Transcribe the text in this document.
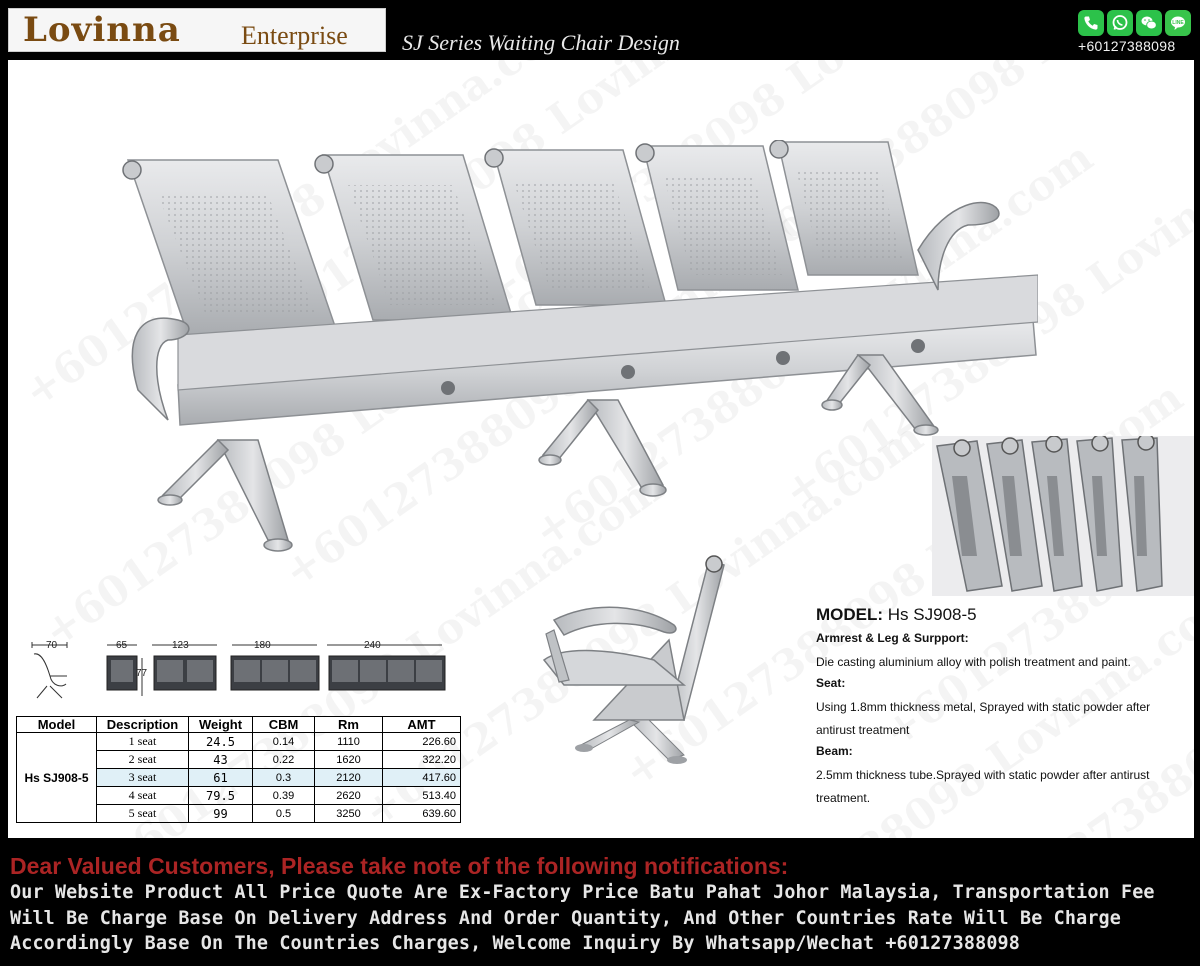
Lovinna Enterprise SJ Series Waiting Chair Design
LINE
+60127388098
70	65
77
123	180	240
Model	Description	Weight	CBM	Rm	AMT
Hs SJ908-5	1 seat	24.5	0.14	1110	226.60
	2 seat	43	0.22	1620	322.20
	3 seat	61	0.3	2120	417.60
	4 seat	79.5	0.39	2620	513.40
	5 seat	99	0.5	3250	639.60
MODEL: Hs SJ908-5
Armrest & Leg & Surpport:
Die casting aluminium alloy with polish treatment and paint.
Seat:
Using 1.8mm thickness metal, Sprayed with static powder after antirust treatment
Beam:
2.5mm thickness tube.Sprayed with static powder after antirust treatment.
Dear Valued Customers, Please take note of the following notifications:
Our Website Product All Price Quote Are Ex-Factory Price Batu Pahat Johor Malaysia, Transportation Fee
Will Be Charge Base On Delivery Address And Order Quantity, And Other Countries Rate Will Be Charge
Accordingly Base On The Countries Charges, Welcome Inquiry By Whatsapp/Wechat +60127388098
